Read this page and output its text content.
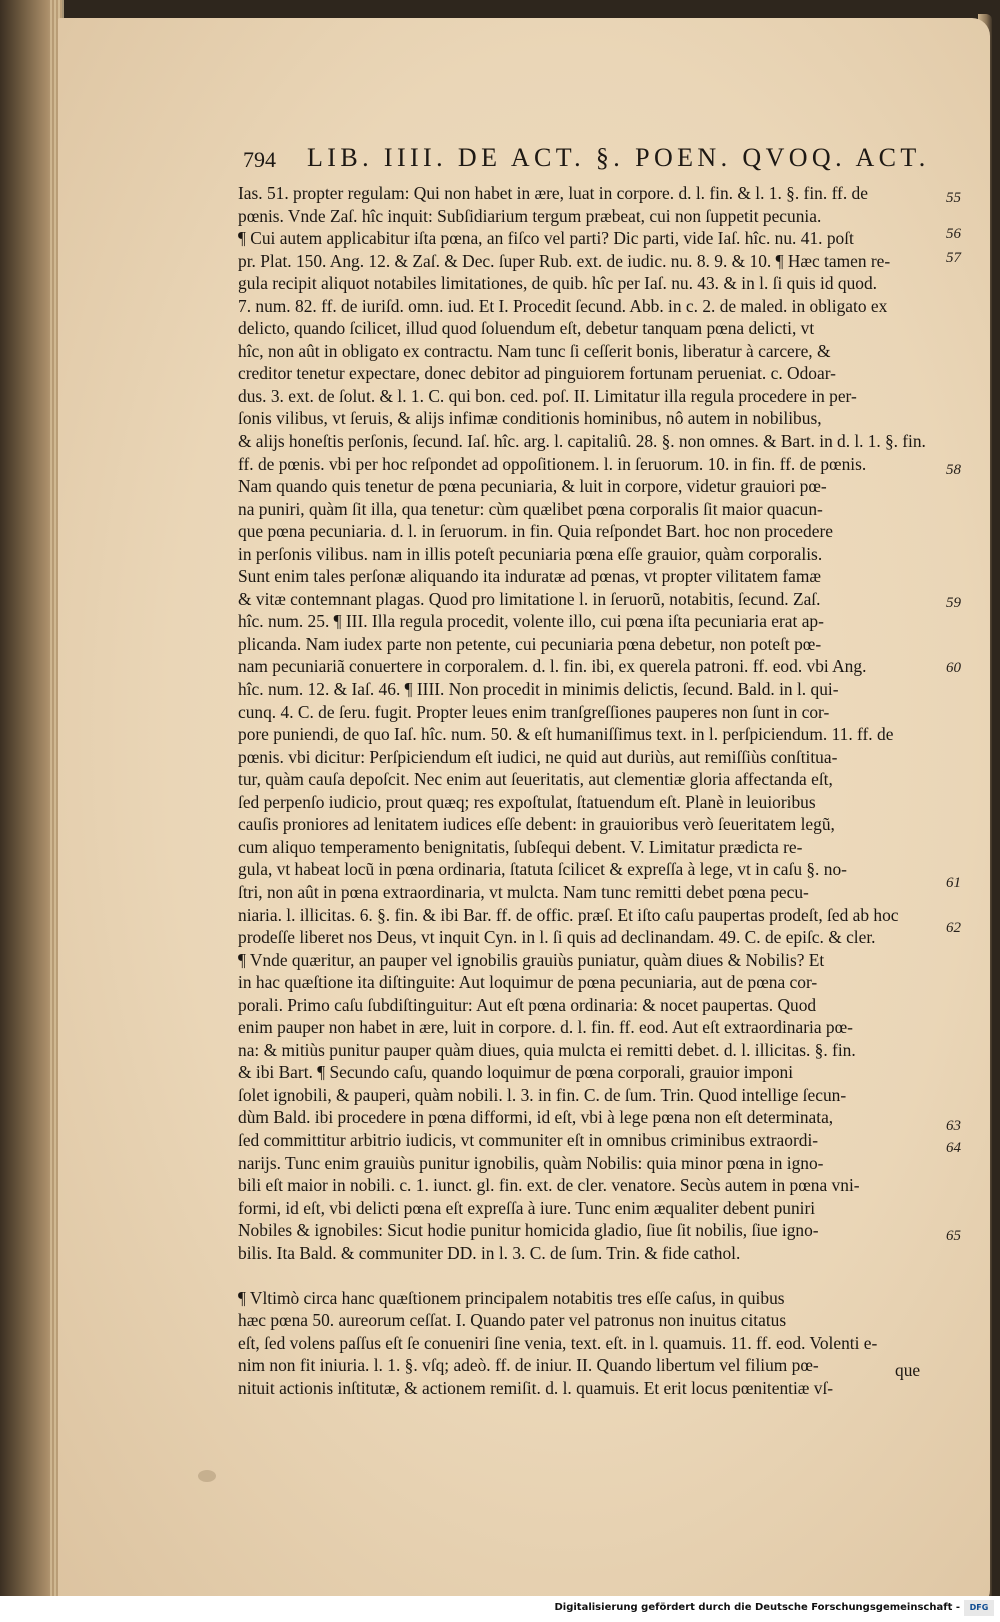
794 LIB. IIII. DE ACT. §. POEN. QVOQ. ACT.
Ias. 51. propter regulam: Qui non habet in ære, luat in corpore. d. l. fin. & l. 1. §. fin. ff. de
pœnis. Vnde Zaſ. hîc inquit: Subſidiarium tergum præbeat, cui non ſuppetit pecunia.
¶ Cui autem applicabitur iſta pœna, an fiſco vel parti? Dic parti, vide Iaſ. hîc. nu. 41. poſt
pr. Plat. 150. Ang. 12. & Zaſ. & Dec. ſuper Rub. ext. de iudic. nu. 8. 9. & 10. ¶ Hæc tamen re-
gula recipit aliquot notabiles limitationes, de quib. hîc per Iaſ. nu. 43. & in l. ſi quis id quod.
7. num. 82. ff. de iuriſd. omn. iud. Et I. Procedit ſecund. Abb. in c. 2. de maled. in obligato ex
delicto, quando ſcilicet, illud quod ſoluendum eſt, debetur tanquam pœna delicti, vt
hîc, non aût in obligato ex contractu. Nam tunc ſi ceſſerit bonis, liberatur à carcere, &
creditor tenetur expectare, donec debitor ad pinguiorem fortunam perueniat. c. Odoar-
dus. 3. ext. de ſolut. & l. 1. C. qui bon. ced. poſ. II. Limitatur illa regula procedere in per-
ſonis vilibus, vt ſeruis, & alijs infimæ conditionis hominibus, nô autem in nobilibus,
& alijs honeſtis perſonis, ſecund. Iaſ. hîc. arg. l. capitaliû. 28. §. non omnes. & Bart. in d. l. 1. §. fin.
ff. de pœnis. vbi per hoc reſpondet ad oppoſitionem. l. in ſeruorum. 10. in fin. ff. de pœnis.
Nam quando quis tenetur de pœna pecuniaria, & luit in corpore, videtur grauiori pœ-
na puniri, quàm ſit illa, qua tenetur: cùm quælibet pœna corporalis ſit maior quacun-
que pœna pecuniaria. d. l. in ſeruorum. in fin. Quia reſpondet Bart. hoc non procedere
in perſonis vilibus. nam in illis poteſt pecuniaria pœna eſſe grauior, quàm corporalis.
Sunt enim tales perſonæ aliquando ita induratæ ad pœnas, vt propter vilitatem famæ
& vitæ contemnant plagas. Quod pro limitatione l. in ſeruorũ, notabitis, ſecund. Zaſ.
hîc. num. 25. ¶ III. Illa regula procedit, volente illo, cui pœna iſta pecuniaria erat ap-
plicanda. Nam iudex parte non petente, cui pecuniaria pœna debetur, non poteſt pœ-
nam pecuniariã conuertere in corporalem. d. l. fin. ibi, ex querela patroni. ff. eod. vbi Ang.
hîc. num. 12. & Iaſ. 46. ¶ IIII. Non procedit in minimis delictis, ſecund. Bald. in l. qui-
cunq. 4. C. de ſeru. fugit. Propter leues enim tranſgreſſiones pauperes non ſunt in cor-
pore puniendi, de quo Iaſ. hîc. num. 50. & eſt humaniſſimus text. in l. perſpiciendum. 11. ff. de
pœnis. vbi dicitur: Perſpiciendum eſt iudici, ne quid aut duriùs, aut remiſſiùs conſtitua-
tur, quàm cauſa depoſcit. Nec enim aut ſeueritatis, aut clementiæ gloria affectanda eſt,
ſed perpenſo iudicio, prout quæq; res expoſtulat, ſtatuendum eſt. Planè in leuioribus
cauſis proniores ad lenitatem iudices eſſe debent: in grauioribus verò ſeueritatem legũ,
cum aliquo temperamento benignitatis, ſubſequi debent. V. Limitatur prædicta re-
gula, vt habeat locũ in pœna ordinaria, ſtatuta ſcilicet & expreſſa à lege, vt in caſu §. no-
ſtri, non aût in pœna extraordinaria, vt mulcta. Nam tunc remitti debet pœna pecu-
niaria. l. illicitas. 6. §. fin. & ibi Bar. ff. de offic. præſ. Et iſto caſu paupertas prodeſt, ſed ab hoc
prodeſſe liberet nos Deus, vt inquit Cyn. in l. ſi quis ad declinandam. 49. C. de epiſc. & cler.
¶ Vnde quæritur, an pauper vel ignobilis grauiùs puniatur, quàm diues & Nobilis? Et
in hac quæſtione ita diſtinguite: Aut loquimur de pœna pecuniaria, aut de pœna cor-
porali. Primo caſu ſubdiſtinguitur: Aut eſt pœna ordinaria: & nocet paupertas. Quod
enim pauper non habet in ære, luit in corpore. d. l. fin. ff. eod. Aut eſt extraordinaria pœ-
na: & mitiùs punitur pauper quàm diues, quia mulcta ei remitti debet. d. l. illicitas. §. fin.
& ibi Bart. ¶ Secundo caſu, quando loquimur de pœna corporali, grauior imponi
ſolet ignobili, & pauperi, quàm nobili. l. 3. in fin. C. de ſum. Trin. Quod intellige ſecun-
dùm Bald. ibi procedere in pœna difformi, id eſt, vbi à lege pœna non eſt determinata,
ſed committitur arbitrio iudicis, vt communiter eſt in omnibus criminibus extraordi-
narijs. Tunc enim grauiùs punitur ignobilis, quàm Nobilis: quia minor pœna in igno-
bili eſt maior in nobili. c. 1. iunct. gl. fin. ext. de cler. venatore. Secùs autem in pœna vni-
formi, id eſt, vbi delicti pœna eſt expreſſa à iure. Tunc enim æqualiter debent puniri
Nobiles & ignobiles: Sicut hodie punitur homicida gladio, ſiue ſit nobilis, ſiue igno-
bilis. Ita Bald. & communiter DD. in l. 3. C. de ſum. Trin. & fide cathol.
¶ Vltimò circa hanc quæſtionem principalem notabitis tres eſſe caſus, in quibus
hæc pœna 50. aureorum ceſſat. I. Quando pater vel patronus non inuitus citatus
eſt, ſed volens paſſus eſt ſe conueniri ſine venia, text. eſt. in l. quamuis. 11. ff. eod. Volenti e-
nim non fit iniuria. l. 1. §. vſq; adeò. ff. de iniur. II. Quando libertum vel filium pœ-
nituit actionis inſtitutæ, & actionem remiſit. d. l. quamuis. Et erit locus pœnitentiæ vſ-
55
56
57
58
59
60
61
62
63
64
65
que
Digitalisierung gefördert durch die Deutsche Forschungsgemeinschaft -	DFG
